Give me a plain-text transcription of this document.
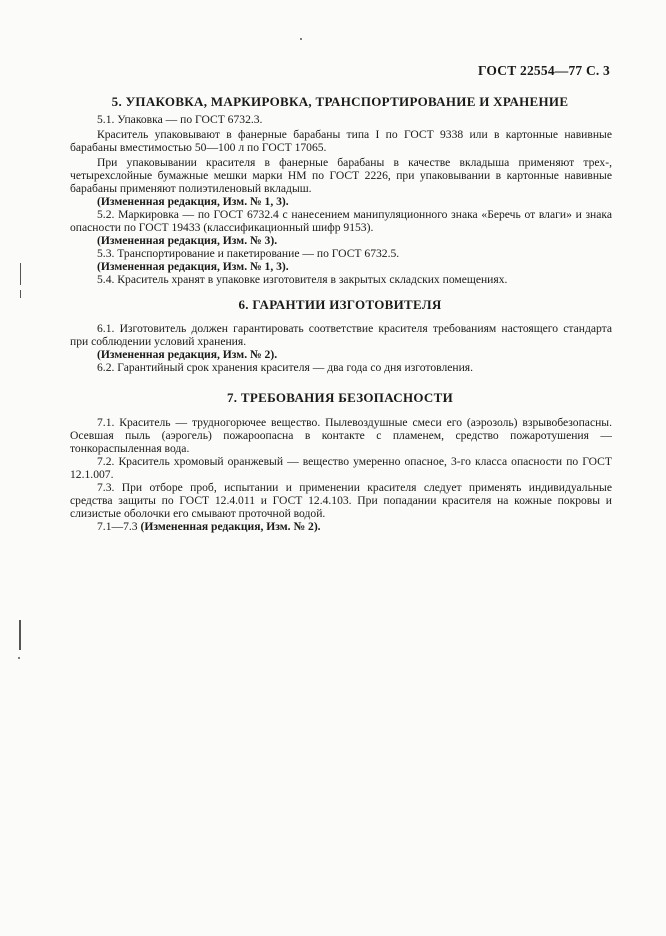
ГОСТ 22554—77 С. 3
5. УПАКОВКА, МАРКИРОВКА, ТРАНСПОРТИРОВАНИЕ И ХРАНЕНИЕ

5.1. Упаковка — по ГОСТ 6732.3.

Краситель упаковывают в фанерные барабаны типа I по ГОСТ 9338 или в картонные навивные барабаны вместимостью 50—100 л по ГОСТ 17065.

При упаковывании красителя в фанерные барабаны в качестве вкладыша применяют трех-, четырехслойные бумажные мешки марки НМ по ГОСТ 2226, при упаковывании в картонные навивные барабаны применяют полиэтиленовый вкладыш.

(Измененная редакция, Изм. № 1, 3).

5.2. Маркировка — по ГОСТ 6732.4 с нанесением манипуляционного знака «Беречь от влаги» и знака опасности по ГОСТ 19433 (классификационный шифр 9153).

(Измененная редакция, Изм. № 3).

5.3. Транспортирование и пакетирование — по ГОСТ 6732.5.

(Измененная редакция, Изм. № 1, 3).

5.4. Краситель хранят в упаковке изготовителя в закрытых складских помещениях.

6. ГАРАНТИИ ИЗГОТОВИТЕЛЯ

6.1. Изготовитель должен гарантировать соответствие красителя требованиям настоящего стандарта при соблюдении условий хранения.

(Измененная редакция, Изм. № 2).

6.2. Гарантийный срок хранения красителя — два года со дня изготовления.

7. ТРЕБОВАНИЯ БЕЗОПАСНОСТИ

7.1. Краситель — трудногорючее вещество. Пылевоздушные смеси его (аэрозоль) взрывобезопасны. Осевшая пыль (аэрогель) пожароопасна в контакте с пламенем, средство пожаротушения — тонкораспыленная вода.

7.2. Краситель хромовый оранжевый — вещество умеренно опасное, 3-го класса опасности по ГОСТ 12.1.007.

7.3. При отборе проб, испытании и применении красителя следует применять индивидуальные средства защиты по ГОСТ 12.4.011 и ГОСТ 12.4.103. При попадании красителя на кожные покровы и слизистые оболочки его смывают проточной водой.

7.1—7.3 (Измененная редакция, Изм. № 2).
